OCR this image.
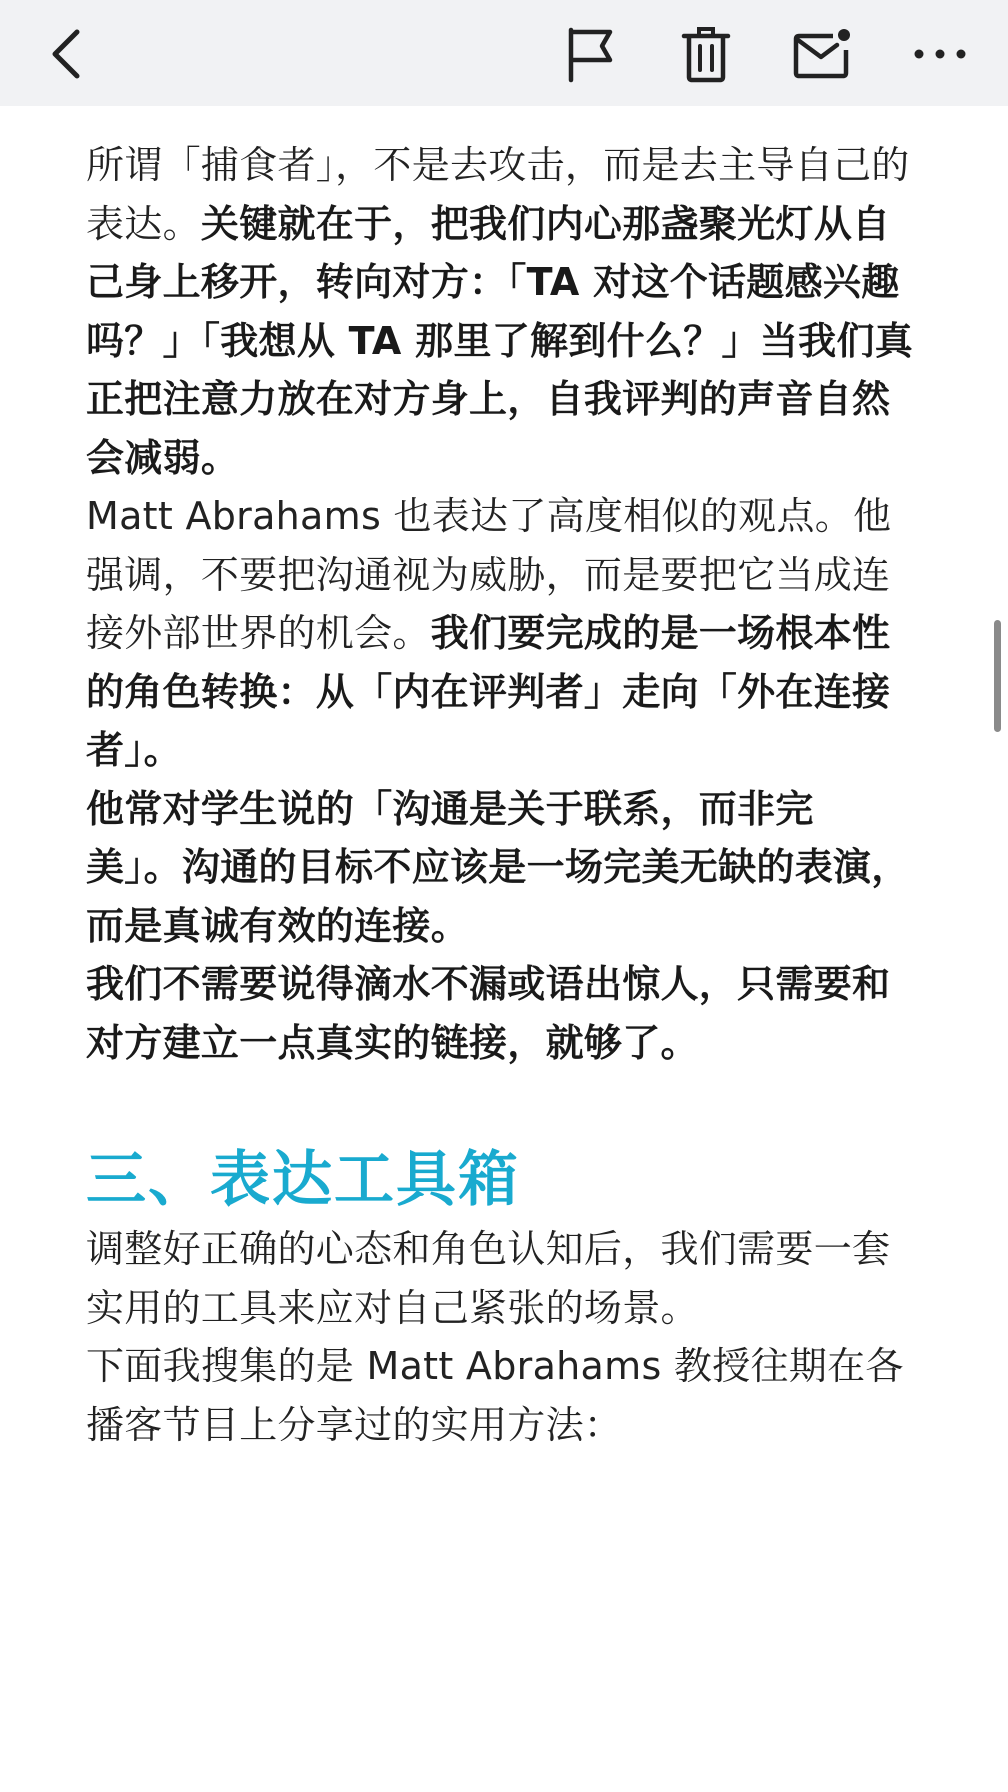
所谓「捕食者」，不是去攻击，而是去主导自己的表达。关键就在于，把我们内心那盏聚光灯从自己身上移开，转向对方：「TA 对这个话题感兴趣吗？」「我想从 TA 那里了解到什么？」当我们真正把注意力放在对方身上，自我评判的声音自然会减弱。

Matt Abrahams 也表达了高度相似的观点。他强调，不要把沟通视为威胁，而是要把它当成连接外部世界的机会。我们要完成的是一场根本性的角色转换：从「内在评判者」走向「外在连接者」。

他常对学生说的「沟通是关于联系，而非完
美」。沟通的目标不应该是一场完美无缺的表演，而是真诚有效的连接。

我们不需要说得滴水不漏或语出惊人，只需要和对方建立一点真实的链接，就够了。

三、表达工具箱

调整好正确的心态和角色认知后，我们需要一套实用的工具来应对自己紧张的场景。

下面我搜集的是 Matt Abrahams 教授往期在各播客节目上分享过的实用方法：
